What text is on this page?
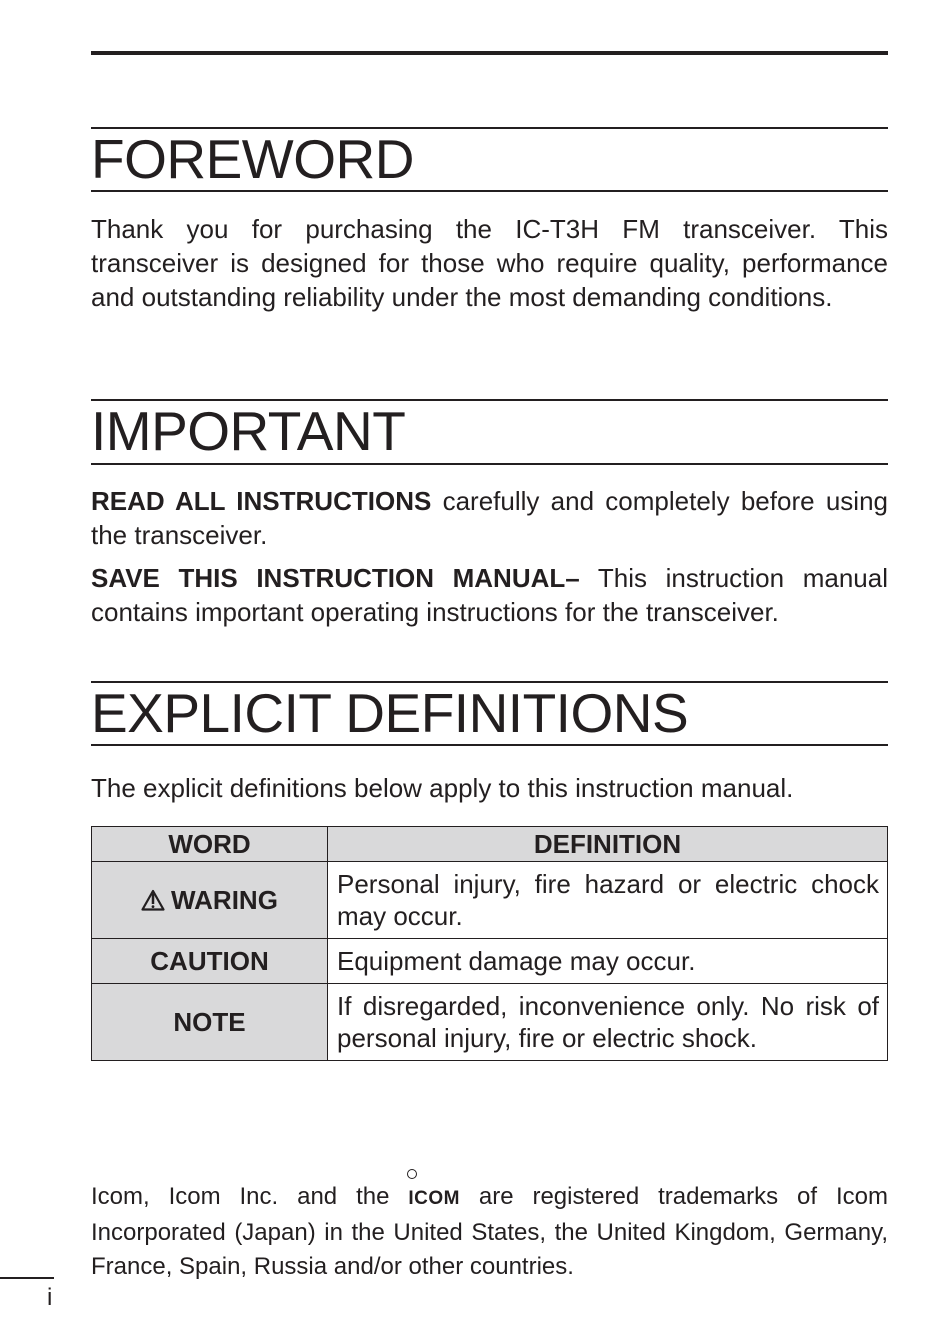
FOREWORD

Thank you for purchasing the IC-T3H FM transceiver. This transceiver is designed for those who require quality, performance and outstanding reliability under the most demanding conditions.

IMPORTANT

READ ALL INSTRUCTIONS carefully and completely before using the transceiver.

SAVE THIS INSTRUCTION MANUAL– This instruction manual contains important operating instructions for the transceiver.

EXPLICIT DEFINITIONS

The explicit definitions below apply to this instruction manual.

WORD	DEFINITION
WARING	Personal injury, fire hazard or electric chock may occur.
CAUTION	Equipment damage may occur.
NOTE	If disregarded, inconvenience only. No risk of personal injury, fire or electric shock.

Icom, Icom Inc. and the
ICOM are registered trademarks of Icom Incorporated (Japan) in the United States, the United Kingdom, Germany, France, Spain, Russia and/or other countries.

i
